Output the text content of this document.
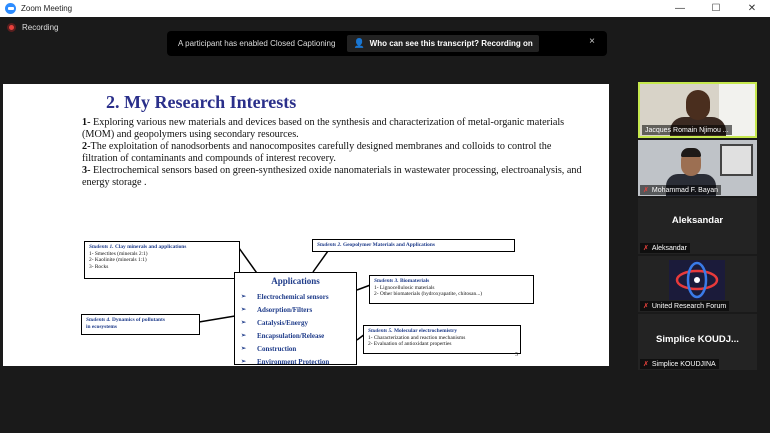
Zoom Meeting	—	☐	✕
Recording
A participant has enabled Closed Captioning 👤 Who can see this transcript? Recording on	×
2. My Research Interests

1- Exploring various new materials and devices based on the synthesis and characterization of metal-organic materials (MOM) and geopolymers using secondary resources.

2-The exploitation of nanodsorbents and nanocomposites carefully designed membranes and colloids to control the filtration of contaminants and compounds of interest recovery.

3- Electrochemical sensors based on green-synthesized oxide nanomaterials in wastewater processing, electroanalysis, and energy storage .

Students 1. Clay minerals and applications
1- Smectites (minerals 2:1)
2- Kaolinite (minerals 1:1)
3- Rocks
Students 2. Geopolymer Materials and Applications
Students 3. Biomaterials
1- Lignocellulosic materials
2- Other biomaterials (hydroxyapatite, chitosan...)
Students 4. Dynamics of pollutants
in ecosystems
Students 5. Molecular electrochemistry
1- Characterization and reaction mechanisms
2- Evaluation of antioxidant properties
Applications
➢	Electrochemical sensors
➢	Adsorption/Filters
➢	Catalysis/Energy
➢	Encapsulation/Release
➢	Construction
➢	Environment Protection
5
Jacques Romain Njimou ...
✗ Mohammad F. Bayan
Aleksandar
✗ Aleksandar
✗ United Research Forum
Simplice KOUDJ...
✗ Simplice KOUDJINA
